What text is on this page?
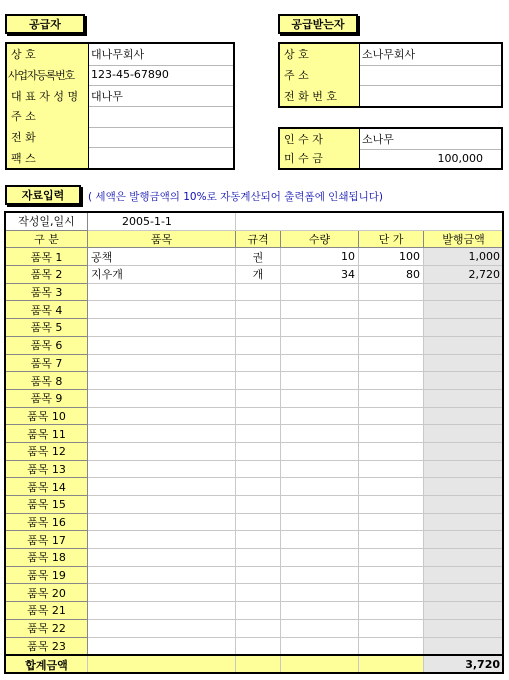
공급자
상 호	대나무회사
사업자등록번호	123-45-67890
대 표 자 성 명	대나무
주 소
전 화
팩 스
공급받는자
상 호	소나무회사
주 소
전 화 번 호
인 수 자	소나무
미 수 금	100,000
자료입력 ( 세액은 발행금액의 10%로 자동계산되어 출력폼에 인쇄됩니다)
작성일,일시	2005-1-1				
구 분	품목	규격	수량	단 가	발행금액
품목 1	공책	권	10	100	1,000
품목 2	지우개	개	34	80	2,720
품목 3					
품목 4					
품목 5					
품목 6					
품목 7					
품목 8					
품목 9					
품목 10					
품목 11					
품목 12					
품목 13					
품목 14					
품목 15					
품목 16					
품목 17					
품목 18					
품목 19					
품목 20					
품목 21					
품목 22					
품목 23					
합계금액					3,720
